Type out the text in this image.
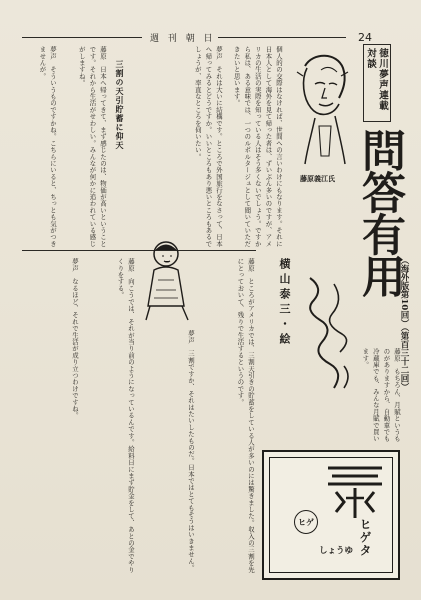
週 刊 朝 日	24
徳川夢声連載対談
藤原義江氏 問答有用
（海外版第10回）（第百三十二回）
横山泰三・絵
個人的の交際はなければ、世間への言いわけにもなります。それに日本人として海外を見て帰った者は、ずいぶん多いのですが、アメリカの生活の実際を知っている人はそう多くないでしょう。ですから私は、ある意味では、一つのルポルタージュとして聞いていただきたいと思います。
夢声　それは大いに結構です。ところで外国旅行をなさって、日本へ帰ってみるとどうですか。いいところもあり悪いところもあるでしょうが、率直なところを伺いたい。
三割の天引貯蓄に仰天
藤原　日本へ帰ってきて、まず感じたのは、物価が高いということです。それから生活がせわしい。みんなが何かに追われている感じがしますね。
夢声　そういうものですかね。こちらにいると、ちっとも気がつきませんが。
藤原　ところがアメリカでは、三割天引きの貯蓄をしている人が多いのには驚きました。収入の三割を先にとっておいて、残りで生活するというのです。
夢声　三割ですか、それはたいしたものだ。日本ではとてもそうはいきません。
藤原　向こうでは、それが当り前のようになっているんです。給料日にまず貯金をして、あとの金でやりくりをする。
夢声　なるほど、それで生活が成り立つわけですね。	藤原　もちろん、月賦というものがありますから、自動車でも冷蔵庫でも、みんな月賦で買います。
ヒゲ	ヒゲタ
しょうゆ
